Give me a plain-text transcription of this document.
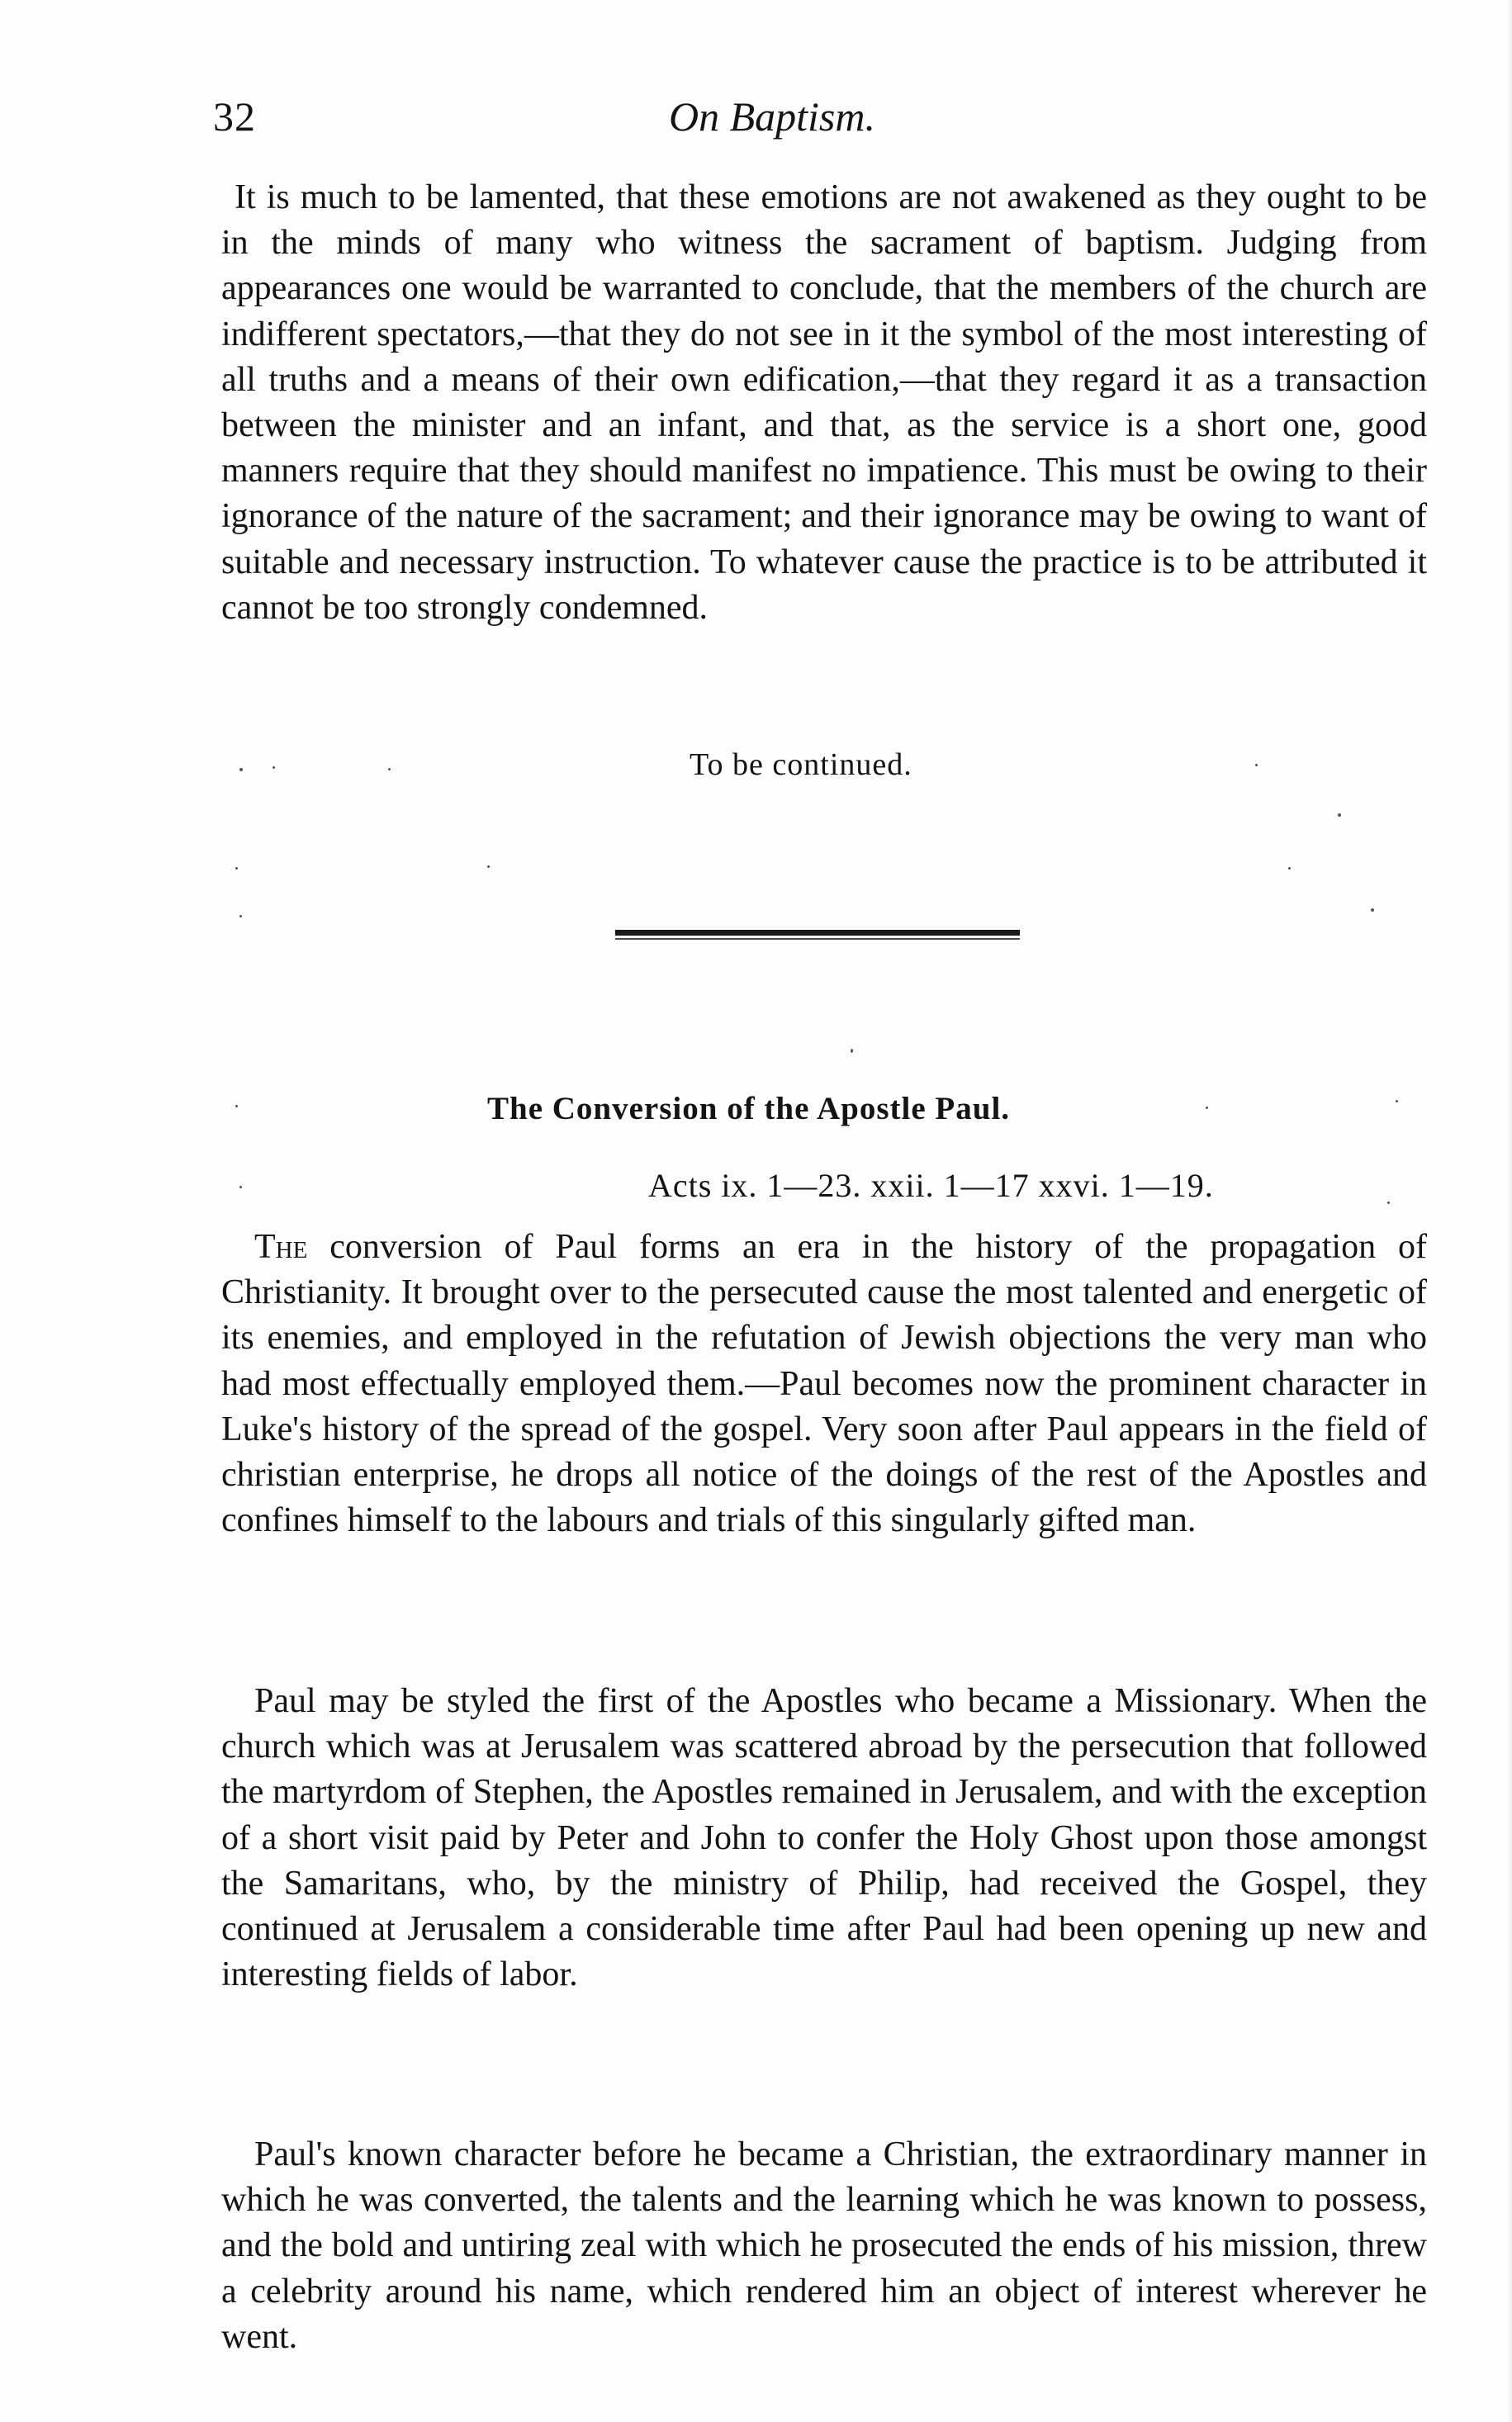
32	On Baptism.

It is much to be lamented, that these emotions are not awakened as they ought to be in the minds of many who witness the sacrament of baptism. Judging from appearances one would be warranted to conclude, that the members of the church are indifferent spectators,—that they do not see in it the symbol of the most interesting of all truths and a means of their own edification,—that they regard it as a transaction between the minister and an infant, and that, as the service is a short one, good manners require that they should manifest no impatience. This must be owing to their ignorance of the nature of the sacrament; and their ignorance may be owing to want of suitable and necessary instruction. To whatever cause the practice is to be attributed it cannot be too strongly condemned.

To be continued.
The Conversion of the Apostle Paul.
Acts ix. 1—23. xxii. 1—17 xxvi. 1—19.

The conversion of Paul forms an era in the history of the propagation of Christianity. It brought over to the persecuted cause the most talented and energetic of its enemies, and employed in the refutation of Jewish objections the very man who had most effectually employed them.—Paul becomes now the prominent character in Luke's history of the spread of the gospel. Very soon after Paul appears in the field of christian enterprise, he drops all notice of the doings of the rest of the Apostles and confines himself to the labours and trials of this singularly gifted man.

Paul may be styled the first of the Apostles who became a Missionary. When the church which was at Jerusalem was scattered abroad by the persecution that followed the martyrdom of Stephen, the Apostles remained in Jerusalem, and with the exception of a short visit paid by Peter and John to confer the Holy Ghost upon those amongst the Samaritans, who, by the ministry of Philip, had received the Gospel, they continued at Jerusalem a considerable time after Paul had been opening up new and interesting fields of labor.

Paul's known character before he became a Christian, the extraordinary manner in which he was converted, the talents and the learning which he was known to possess, and the bold and untiring zeal with which he prosecuted the ends of his mission, threw a celebrity around his name, which rendered him an object of interest wherever he went.
